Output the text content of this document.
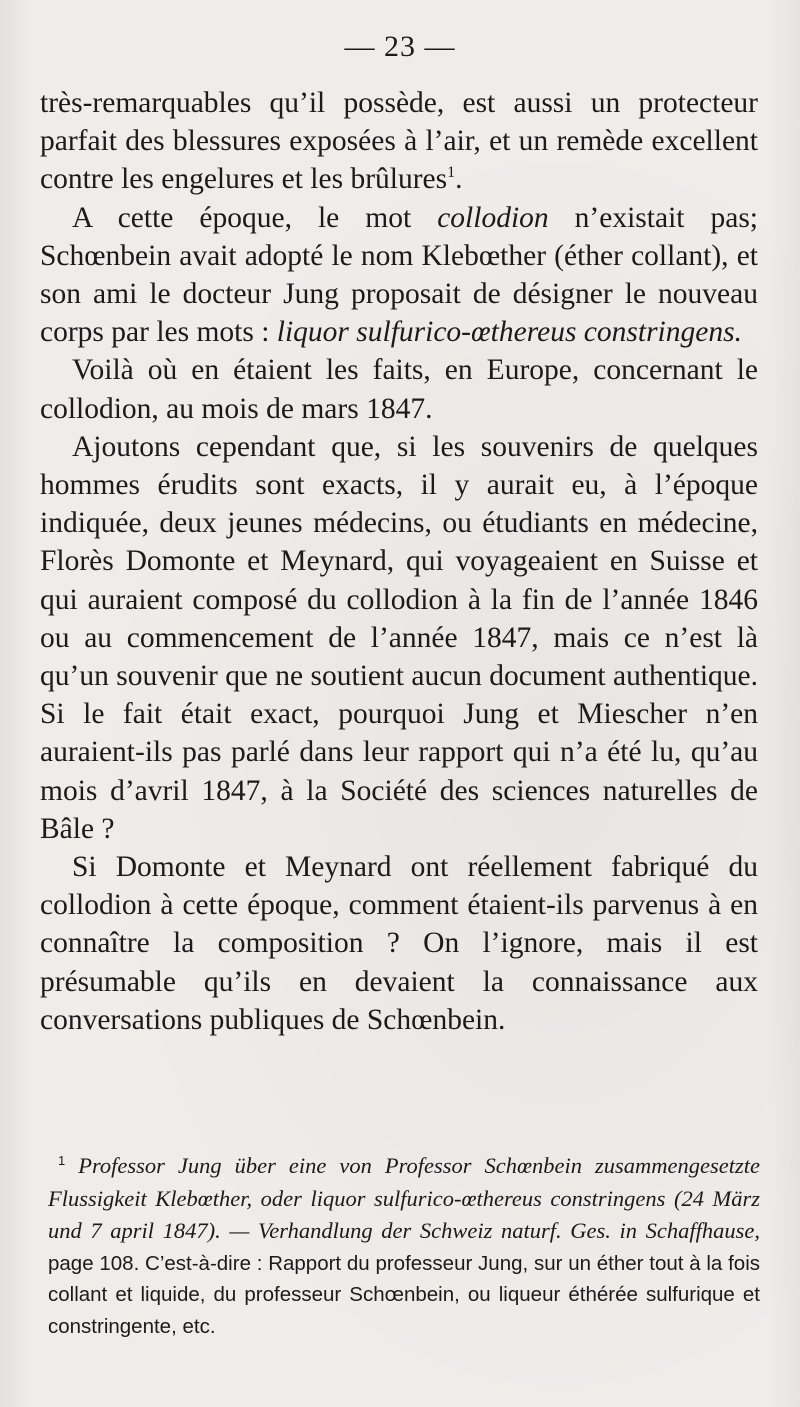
— 23 —

très-remarquables qu’il possède, est aussi un protecteur parfait des blessures exposées à l’air, et un remède excellent contre les engelures et les brûlures$^1$.

A cette époque, le mot collodion n’existait pas; Schœnbein avait adopté le nom Klebœther (éther collant), et son ami le docteur Jung proposait de désigner le nouveau corps par les mots : liquor sulfurico-œthereus constringens.

Voilà où en étaient les faits, en Europe, concernant le collodion, au mois de mars 1847.

Ajoutons cependant que, si les souvenirs de quelques hommes érudits sont exacts, il y aurait eu, à l’époque indiquée, deux jeunes médecins, ou étudiants en médecine, Florès Domonte et Meynard, qui voyageaient en Suisse et qui auraient composé du collodion à la fin de l’année 1846 ou au commencement de l’année 1847, mais ce n’est là qu’un souvenir que ne soutient aucun document authentique. Si le fait était exact, pourquoi Jung et Miescher n’en auraient-ils pas parlé dans leur rapport qui n’a été lu, qu’au mois d’avril 1847, à la Société des sciences naturelles de Bâle ?

Si Domonte et Meynard ont réellement fabriqué du collodion à cette époque, comment étaient-ils parvenus à en connaître la composition ? On l’ignore, mais il est présumable qu’ils en devaient la connaissance aux conversations publiques de Schœnbein.

$^1$ Professor Jung über eine von Professor Schœnbein zusammengesetzte Flussigkeit Klebœther, oder liquor sulfurico-œthereus constringens (24 März und 7 april 1847). — Verhandlung der Schweiz naturf. Ges. in Schaffhause, page 108. C’est-à-dire : Rapport du professeur Jung, sur un éther tout à la fois collant et liquide, du professeur Schœnbein, ou liqueur éthérée sulfurique et constringente, etc.
